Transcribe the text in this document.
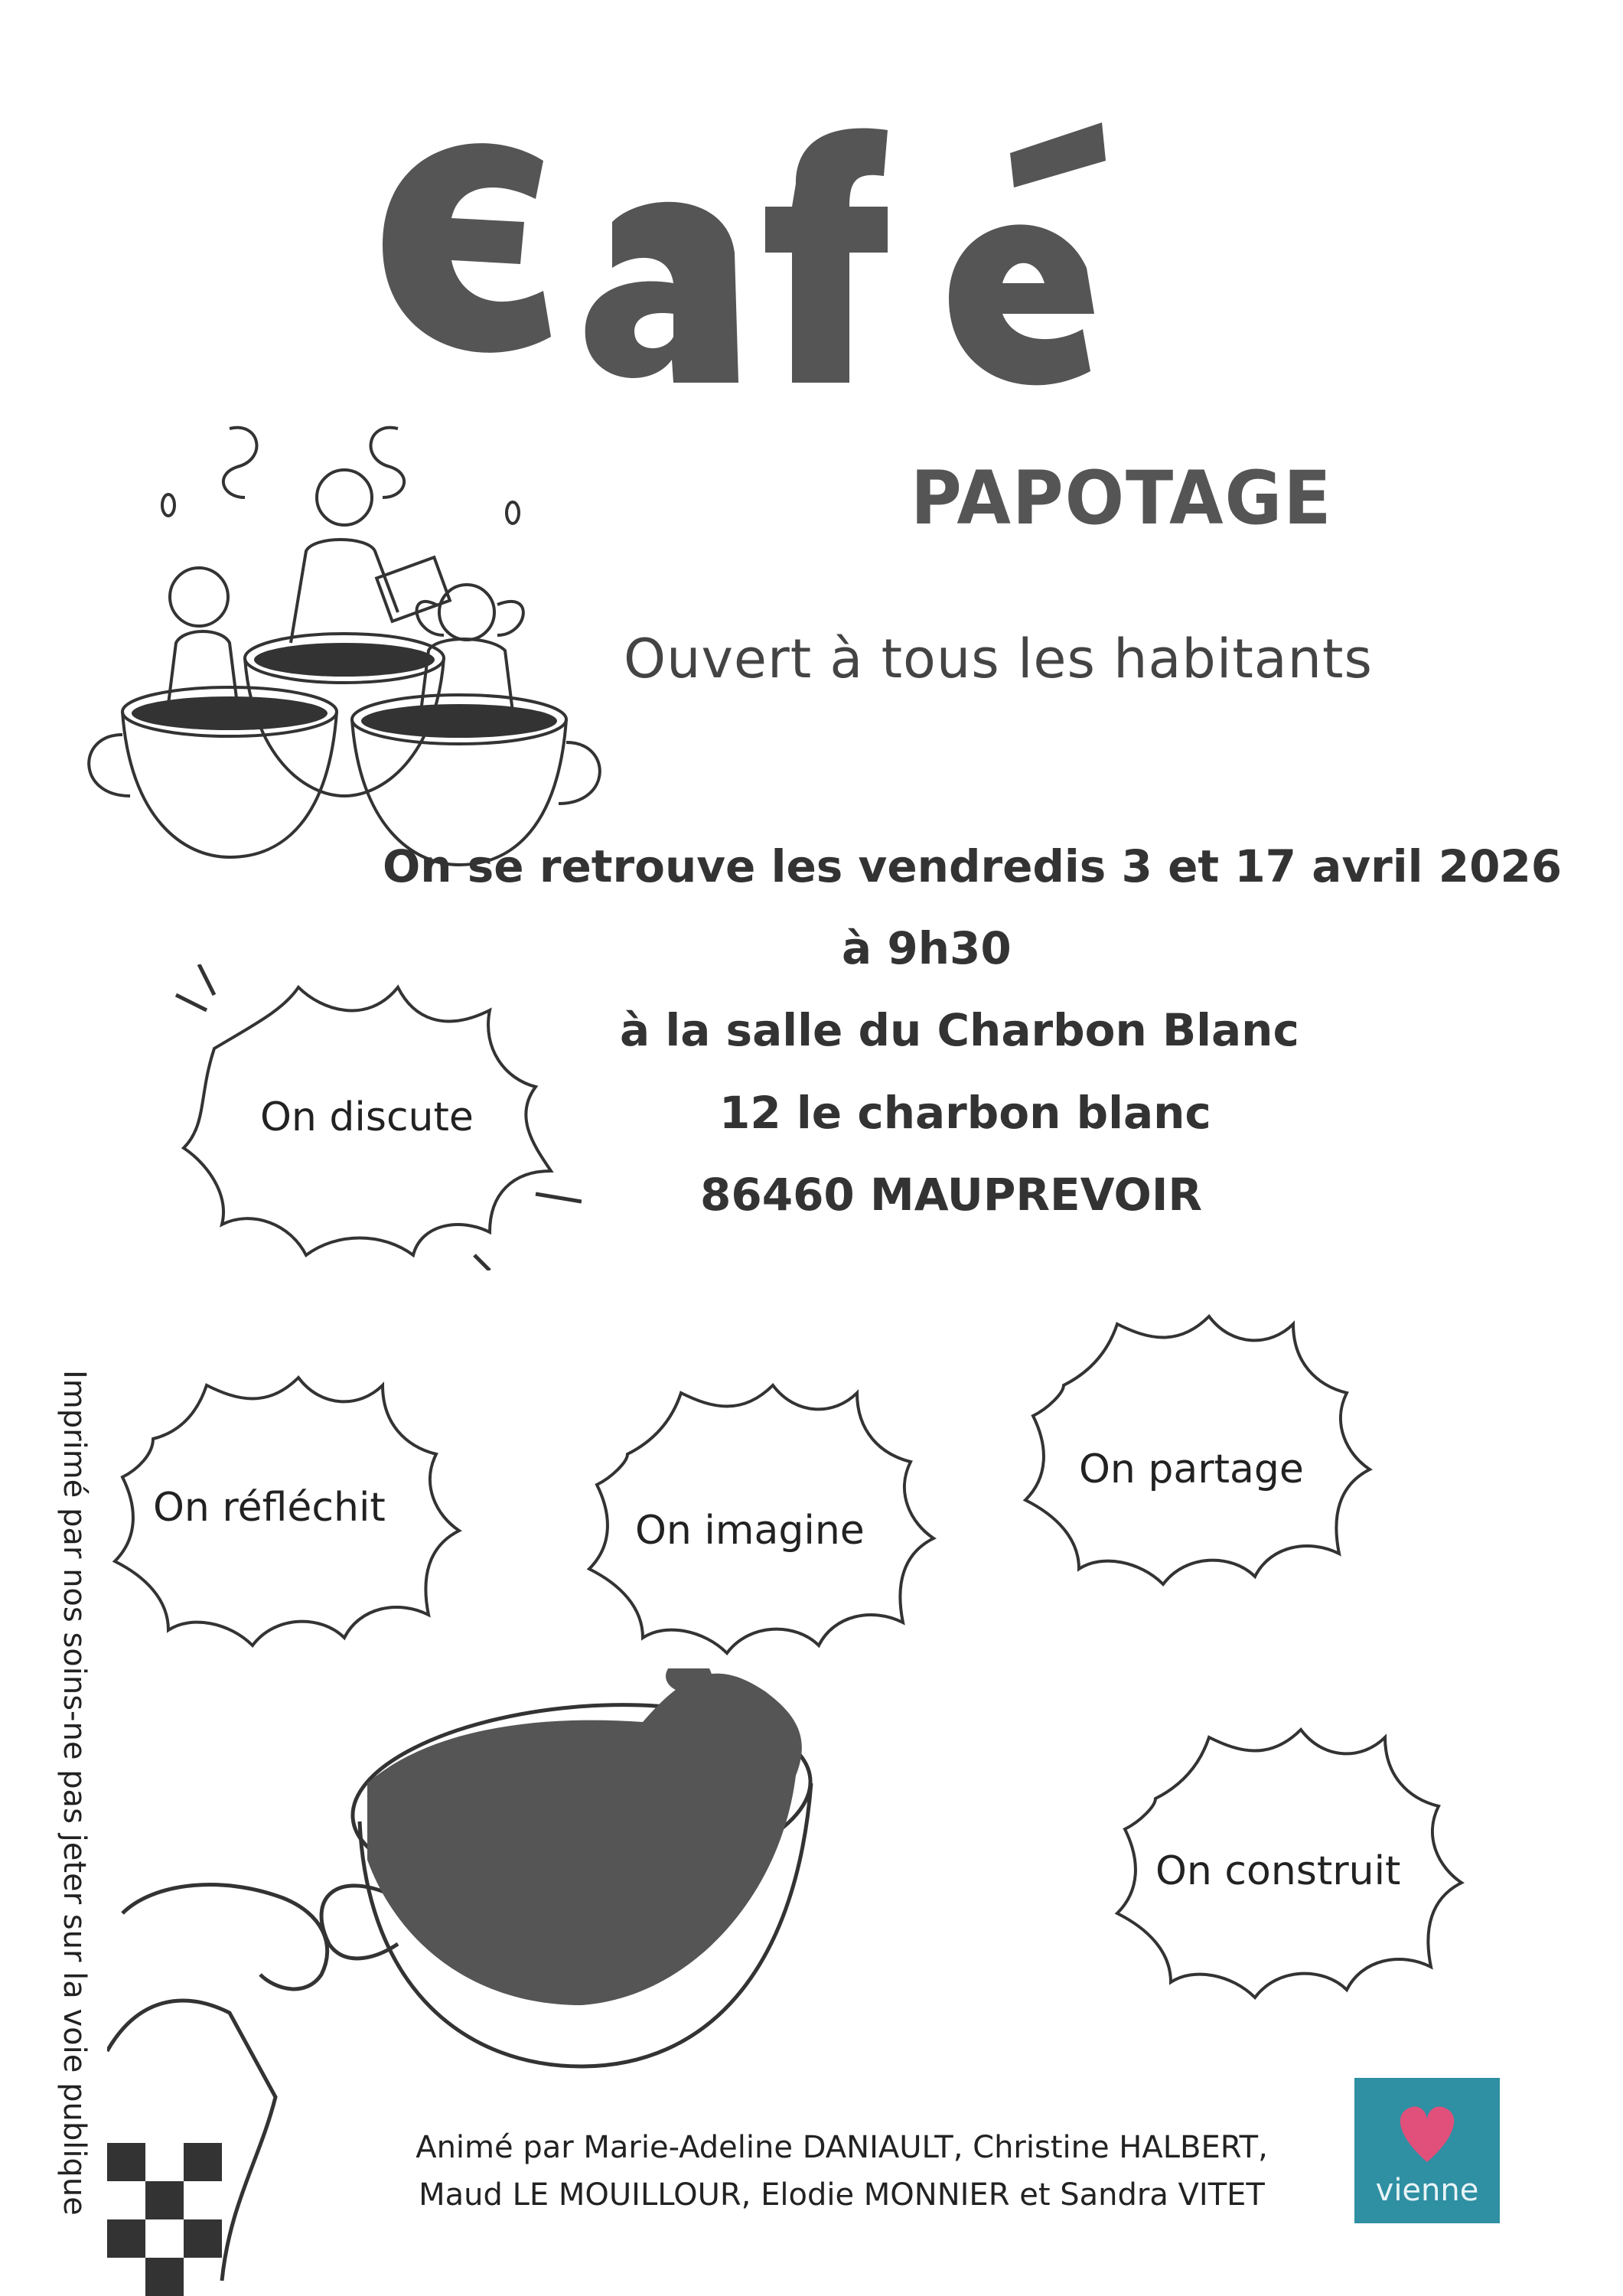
PAPOTAGE
Ouvert à tous les habitants
On se retrouve les vendredis 3 et 17 avril 2026
à 9h30
à la salle du Charbon Blanc
12 le charbon blanc
86460 MAUPREVOIR
On discute
On réfléchit	On imagine
On partage
On construit
Imprimé par nos soins-ne pas jeter sur la voie publique	Animé par Marie-Adeline DANIAULT, Christine HALBERT,
Maud LE MOUILLOUR, Elodie MONNIER et Sandra VITET	vienne
